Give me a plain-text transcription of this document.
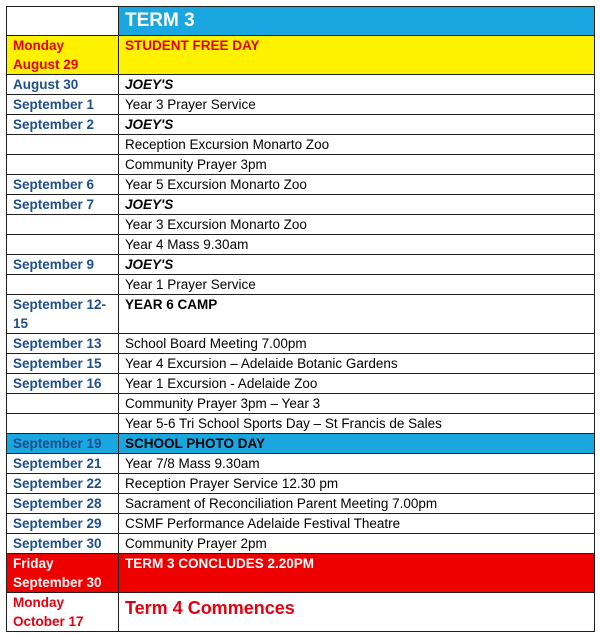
	TERM 3
Monday August 29	STUDENT FREE DAY
August 30	JOEY'S
September 1	Year 3 Prayer Service
September 2	JOEY'S
	Reception Excursion Monarto Zoo
	Community Prayer 3pm
September 6	Year 5 Excursion Monarto Zoo
September 7	JOEY'S
	Year 3 Excursion Monarto Zoo
	Year 4 Mass 9.30am
September 9	JOEY'S
	Year 1 Prayer Service
September 12-15	YEAR 6 CAMP
September 13	School Board Meeting 7.00pm
September 15	Year 4 Excursion – Adelaide Botanic Gardens
September 16	Year 1 Excursion - Adelaide Zoo
	Community Prayer 3pm – Year 3
	Year 5-6 Tri School Sports Day – St Francis de Sales
September 19	SCHOOL PHOTO DAY
September 21	Year 7/8 Mass 9.30am
September 22	Reception Prayer Service 12.30 pm
September 28	Sacrament of Reconciliation Parent Meeting 7.00pm
September 29	CSMF Performance Adelaide Festival Theatre
September 30	Community Prayer 2pm
Friday September 30	TERM 3 CONCLUDES 2.20PM
Monday October 17	Term 4 Commences
